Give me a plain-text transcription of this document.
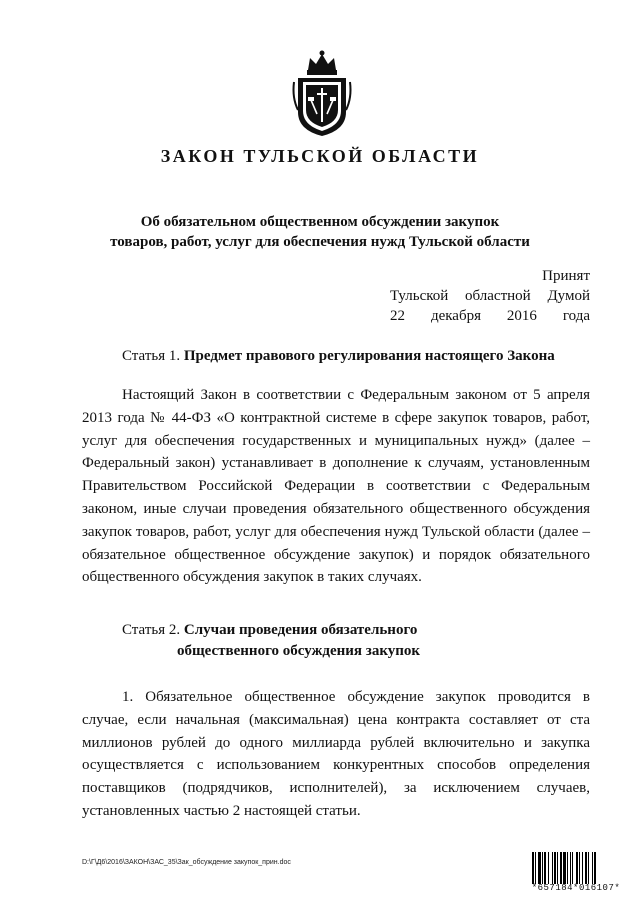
ЗАКОН ТУЛЬСКОЙ ОБЛАСТИ
Об обязательном общественном обсуждении закупок
товаров, работ, услуг для обеспечения нужд Тульской области
Принят
Тульской областной Думой
22 декабря 2016 года
Статья 1. Предмет правового регулирования настоящего Закона
Настоящий Закон в соответствии с Федеральным законом от 5 апреля 2013 года № 44-ФЗ «О контрактной системе в сфере закупок товаров, работ, услуг для обеспечения государственных и муниципальных нужд» (далее – Федеральный закон) устанавливает в дополнение к случаям, установленным Правительством Российской Федерации в соответствии с Федеральным законом, иные случаи проведения обязательного общественного обсуждения закупок товаров, работ, услуг для обеспечения нужд Тульской области (далее – обязательное общественное обсуждение закупок) и порядок обязательного общественного обсуждения закупок в таких случаях.
Статья 2. Случаи проведения обязательного
общественного обсуждения закупок
1. Обязательное общественное обсуждение закупок проводится в случае, если начальная (максимальная) цена контракта составляет от ста миллионов рублей до одного миллиарда рублей включительно и закупка осуществляется с использованием конкурентных способов определения поставщиков (подрядчиков, исполнителей), за исключением случаев, установленных частью 2 настоящей статьи.
D:\Г\Д6\2016\ЗАКОН\ЗАС_35\Зак_обсуждение закупок_прин.doc
*657184*016107*
